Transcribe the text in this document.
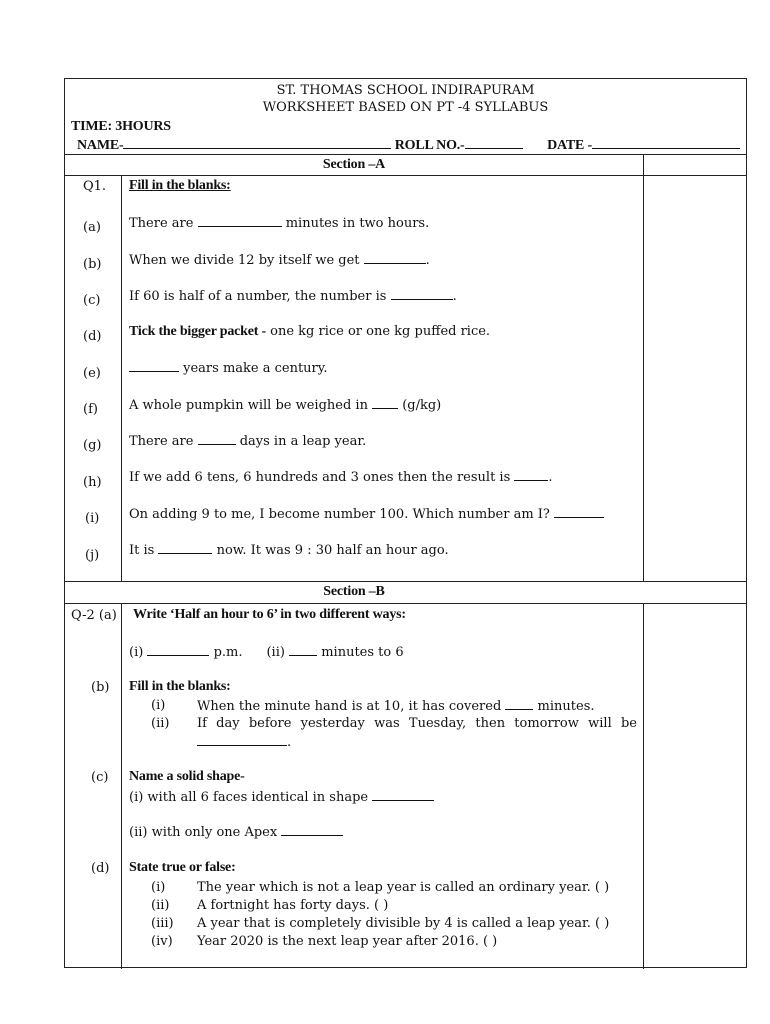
ST. THOMAS SCHOOL INDIRAPURAM
WORKSHEET BASED ON PT -4 SYLLABUS
TIME: 3HOURS
NAME-	ROLL NO.-	DATE -
Section –A
Q1. Fill in the blanks:
(a) There are	minutes in two hours.
(b) When we divide 12 by itself we get	.
(c) If 60 is half of a number, the number is	.
(d) Tick the bigger packet - one kg rice or one kg puffed rice.
(e)	years make a century.
(f) A whole pumpkin will be weighed in  (g/kg)
(g) There are	days in a leap year.
(h) If we add 6 tens, 6 hundreds and 3 ones then the result is	.
(i) On adding 9 to me, I become number 100. Which number am I?
(j) It is	now. It was 9 : 30 half an hour ago.
Section –B
Q-2 (a) Write ‘Half an hour to 6’ in two different ways:
(i)	p.m. (ii)  minutes to 6
(b) Fill in the blanks:
(i) When the minute hand is at 10, it has covered  minutes.
(ii) If day before yesterday was Tuesday, then tomorrow will be
.
(c) Name a solid shape-
(i) with all 6 faces identical in shape
(ii) with only one Apex
(d) State true or false:
(i) The year which is not a leap year is called an ordinary year. ( )
(ii) A fortnight has forty days. ( )
(iii) A year that is completely divisible by 4 is called a leap year. ( )
(iv) Year 2020 is the next leap year after 2016. ( )
